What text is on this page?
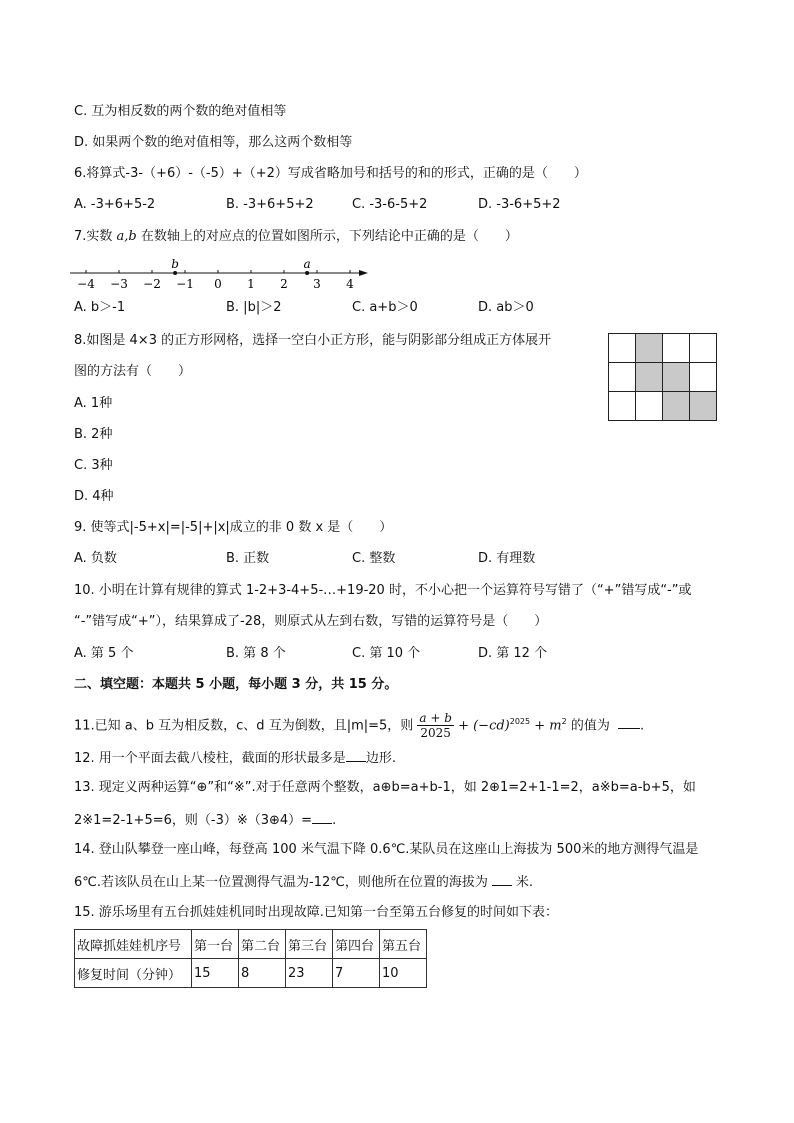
C. 互为相反数的两个数的绝对值相等
D. 如果两个数的绝对值相等，那么这两个数相等
6.将算式-3-（+6）-（-5）+（+2）写成省略加号和括号的和的形式，正确的是（　　）
A. -3+6+5-2	B. -3+6+5+2	C. -3-6-5+2	D. -3-6+5+2
7.实数 a,b 在数轴上的对应点的位置如图所示，下列结论中正确的是（　　）
−4 −3 −2 −1 0 1 2 3 4
b	a
A. b＞-1	B. |b|＞2	C. a+b＞0	D. ab＞0
8.如图是 4×3 的正方形网格，选择一空白小正方形，能与阴影部分组成正方体展开
图的方法有（　　）
A. 1种
B. 2种
C. 3种
D. 4种

9. 使等式|-5+x|=|-5|+|x|成立的非 0 数 x 是（　　）
A. 负数	B. 正数	C. 整数	D. 有理数
10. 小明在计算有规律的算式 1-2+3-4+5-…+19-20 时，不小心把一个运算符号写错了（“+”错写成“-”或
“-”错写成“+”），结果算成了-28，则原式从左到右数，写错的运算符号是（　　）
A. 第 5 个	B. 第 8 个	C. 第 10 个	D. 第 12 个
二、填空题：本题共 5 小题，每小题 3 分，共 15 分。
11.已知 a、b 互为相反数，c、d 互为倒数，且|m|=5，则 $\frac{a + b}{2025} + (-cd)^{2025} + m^2$ 的值为 .
12. 用一个平面去截八棱柱，截面的形状最多是 边形.
13. 现定义两种运算“⊕”和“※”.对于任意两个整数，a⊕b=a+b-1，如 2⊕1=2+1-1=2，a※b=a-b+5，如
2※1=2-1+5=6，则（-3）※（3⊕4）= .
14. 登山队攀登一座山峰，每登高 100 米气温下降 0.6℃.某队员在这座山上海拔为 500米的地方测得气温是
6℃.若该队员在山上某一位置测得气温为-12℃，则他所在位置的海拔为 米.
15. 游乐场里有五台抓娃娃机同时出现故障.已知第一台至第五台修复的时间如下表：
故障抓娃娃机序号	第一台	第二台	第三台	第四台	第五台
修复时间（分钟）	15	8	23	7	10
